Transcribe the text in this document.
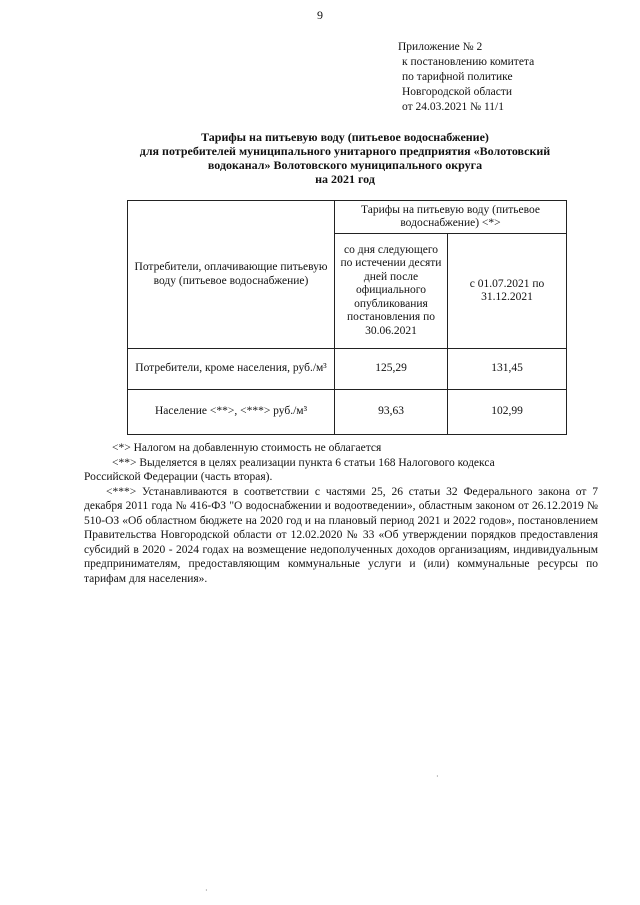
9
Приложение № 2
к постановлению комитета
по тарифной политике
Новгородской области
от 24.03.2021 № 11/1
Тарифы на питьевую воду (питьевое водоснабжение)
для потребителей муниципального унитарного предприятия «Волотовский
водоканал» Волотовского муниципального округа
на 2021 год
Потребители, оплачивающие питьевую воду (питьевое водоснабжение)	Тарифы на питьевую воду (питьевое водоснабжение) <*>	
	со дня следующего по истечении десяти дней после официального опубликования постановления по 30.06.2021	с 01.07.2021 по 31.12.2021
Потребители, кроме населения, руб./м³	125,29	131,45
Население <**>, <***> руб./м³	93,63	102,99

<*> Налогом на добавленную стоимость не облагается

<**> Выделяется в целях реализации пункта 6 статьи 168 Налогового кодекса

Российской Федерации (часть вторая).

<***> Устанавливаются в соответствии с частями 25, 26 статьи 32 Федерального закона от 7 декабря 2011 года № 416-ФЗ "О водоснабжении и водоотведении», областным законом от 26.12.2019 № 510-ОЗ «Об областном бюджете на 2020 год и на плановый период 2021 и 2022 годов», постановлением Правительства Новгородской области от 12.02.2020 № 33 «Об утверждении порядков предоставления субсидий в 2020 - 2024 годах на возмещение недополученных доходов организациям, индивидуальным предпринимателям, предоставляющим коммунальные услуги и (или) коммунальные ресурсы по тарифам для населения».

·
·
